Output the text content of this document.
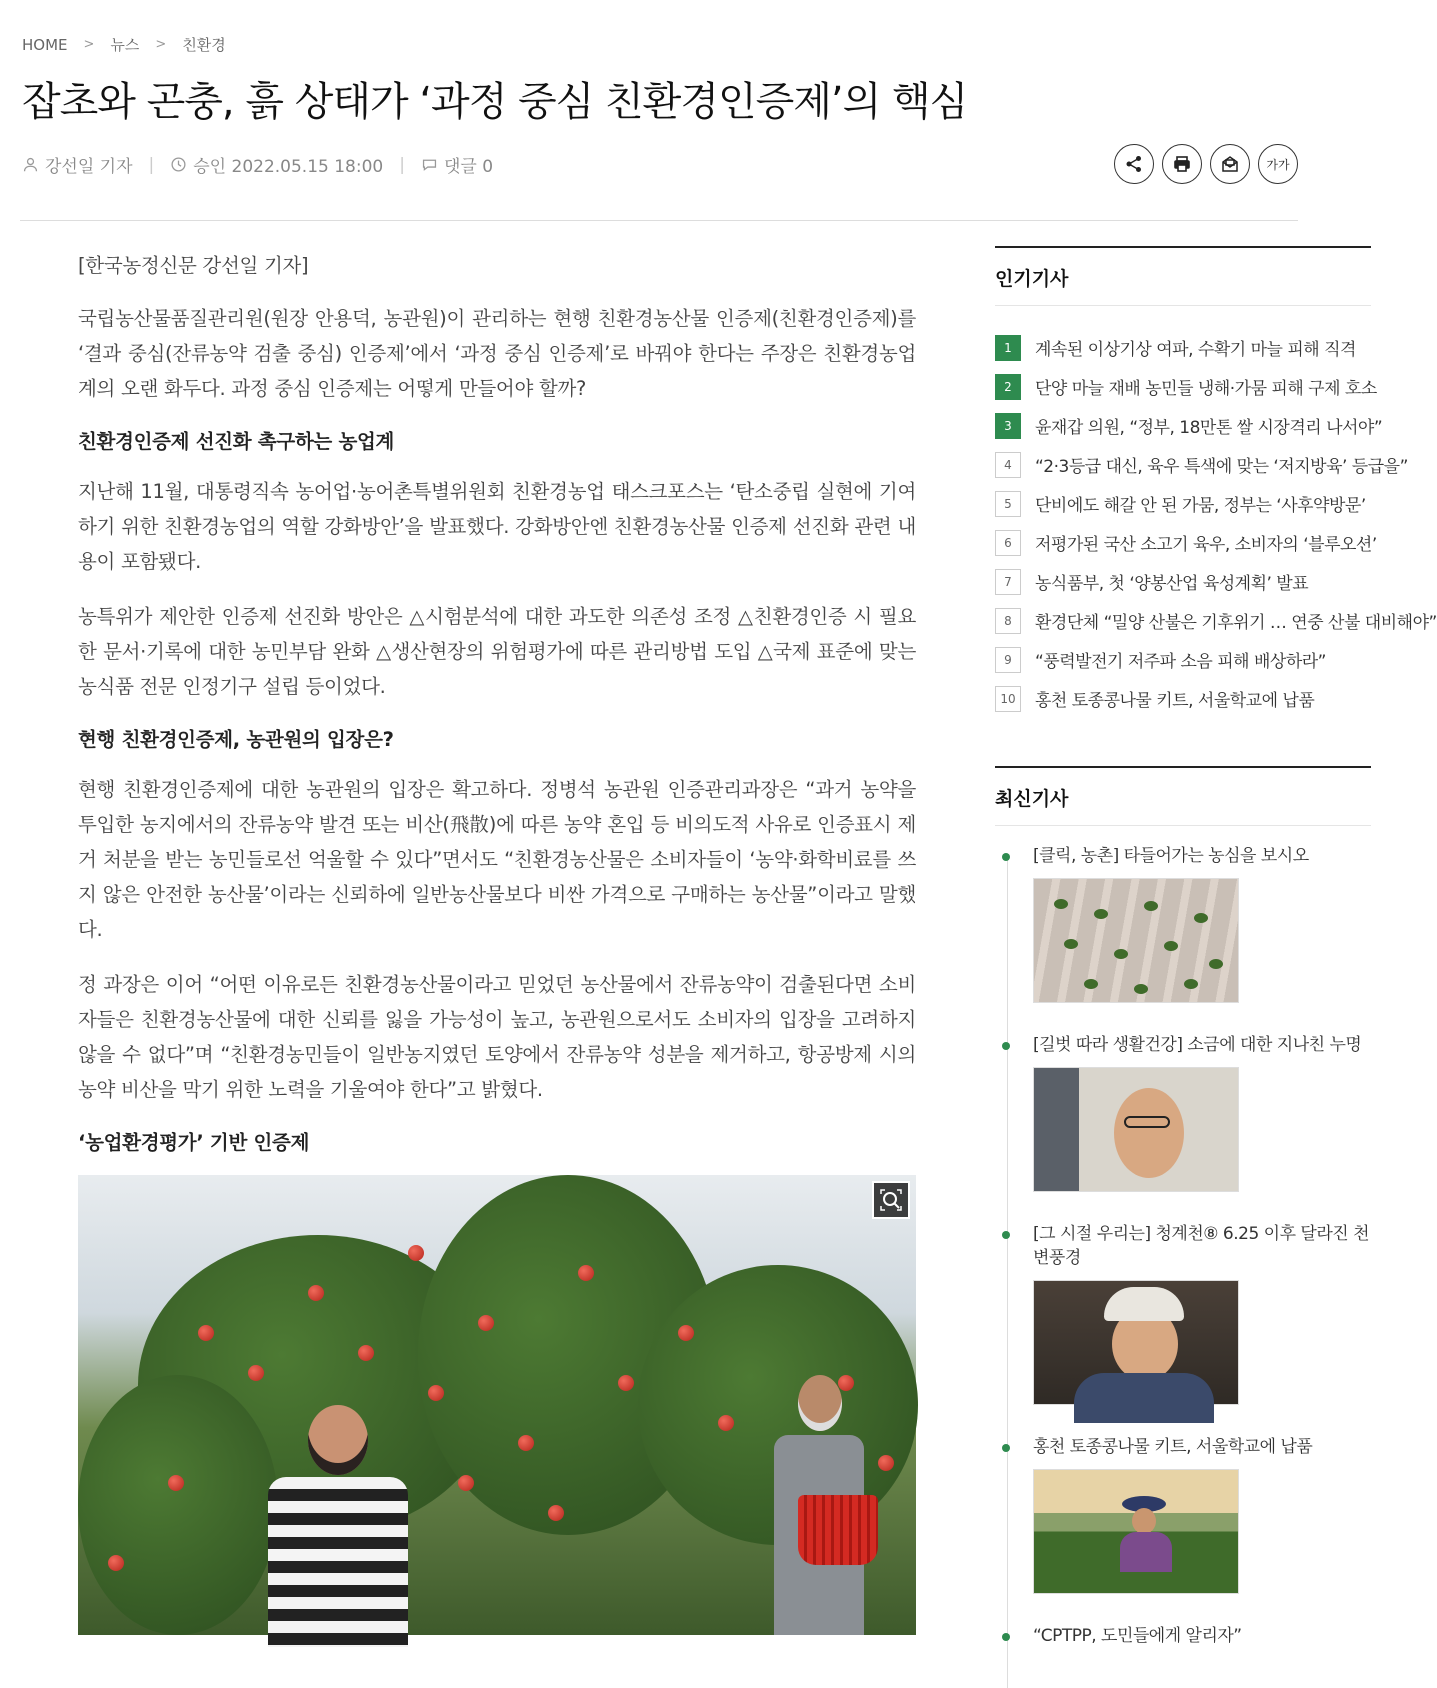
HOME > 뉴스 > 친환경
잡초와 곤충, 흙 상태가 ‘과정 중심 친환경인증제’의 핵심
강선일 기자 | 승인 2022.05.15 18:00 | 댓글 0	가가

[한국농정신문 강선일 기자]

국립농산물품질관리원(원장 안용덕, 농관원)이 관리하는 현행 친환경농산물 인증제(친환경인증제)를 ‘결과 중심(잔류농약 검출 중심) 인증제’에서 ‘과정 중심 인증제’로 바꿔야 한다는 주장은 친환경농업계의 오랜 화두다. 과정 중심 인증제는 어떻게 만들어야 할까?

친환경인증제 선진화 촉구하는 농업계

지난해 11월, 대통령직속 농어업·농어촌특별위원회 친환경농업 태스크포스는 ‘탄소중립 실현에 기여하기 위한 친환경농업의 역할 강화방안’을 발표했다. 강화방안엔 친환경농산물 인증제 선진화 관련 내용이 포함됐다.

농특위가 제안한 인증제 선진화 방안은 △시험분석에 대한 과도한 의존성 조정 △친환경인증 시 필요한 문서·기록에 대한 농민부담 완화 △생산현장의 위험평가에 따른 관리방법 도입 △국제 표준에 맞는 농식품 전문 인정기구 설립 등이었다.

현행 친환경인증제, 농관원의 입장은?

현행 친환경인증제에 대한 농관원의 입장은 확고하다. 정병석 농관원 인증관리과장은 “과거 농약을 투입한 농지에서의 잔류농약 발견 또는 비산(飛散)에 따른 농약 혼입 등 비의도적 사유로 인증표시 제거 처분을 받는 농민들로선 억울할 수 있다”면서도 “친환경농산물은 소비자들이 ‘농약·화학비료를 쓰지 않은 안전한 농산물’이라는 신뢰하에 일반농산물보다 비싼 가격으로 구매하는 농산물”이라고 말했다.

정 과장은 이어 “어떤 이유로든 친환경농산물이라고 믿었던 농산물에서 잔류농약이 검출된다면 소비자들은 친환경농산물에 대한 신뢰를 잃을 가능성이 높고, 농관원으로서도 소비자의 입장을 고려하지 않을 수 없다”며 “친환경농민들이 일반농지였던 토양에서 잔류농약 성분을 제거하고, 항공방제 시의 농약 비산을 막기 위한 노력을 기울여야 한다”고 밝혔다.

‘농업환경평가’ 기반 인증제
인기기사
1	계속된 이상기상 여파, 수확기 마늘 피해 직격
2	단양 마늘 재배 농민들 냉해·가뭄 피해 구제 호소
3	윤재갑 의원, “정부, 18만톤 쌀 시장격리 나서야”
4	“2·3등급 대신, 육우 특색에 맞는 ‘저지방육’ 등급을”
5	단비에도 해갈 안 된 가뭄, 정부는 ‘사후약방문’
6	저평가된 국산 소고기 육우, 소비자의 ‘블루오션’
7	농식품부, 첫 ‘양봉산업 육성계획’ 발표
8	환경단체 “밀양 산불은 기후위기 … 연중 산불 대비해야”
9	“풍력발전기 저주파 소음 피해 배상하라”
10	홍천 토종콩나물 키트, 서울학교에 납품
최신기사
[클릭, 농촌] 타들어가는 농심을 보시오
[길벗 따라 생활건강] 소금에 대한 지나친 누명
[그 시절 우리는] 청계천⑧ 6.25 이후 달라진 천변풍경
홍천 토종콩나물 키트, 서울학교에 납품
“CPTPP, 도민들에게 알리자”
